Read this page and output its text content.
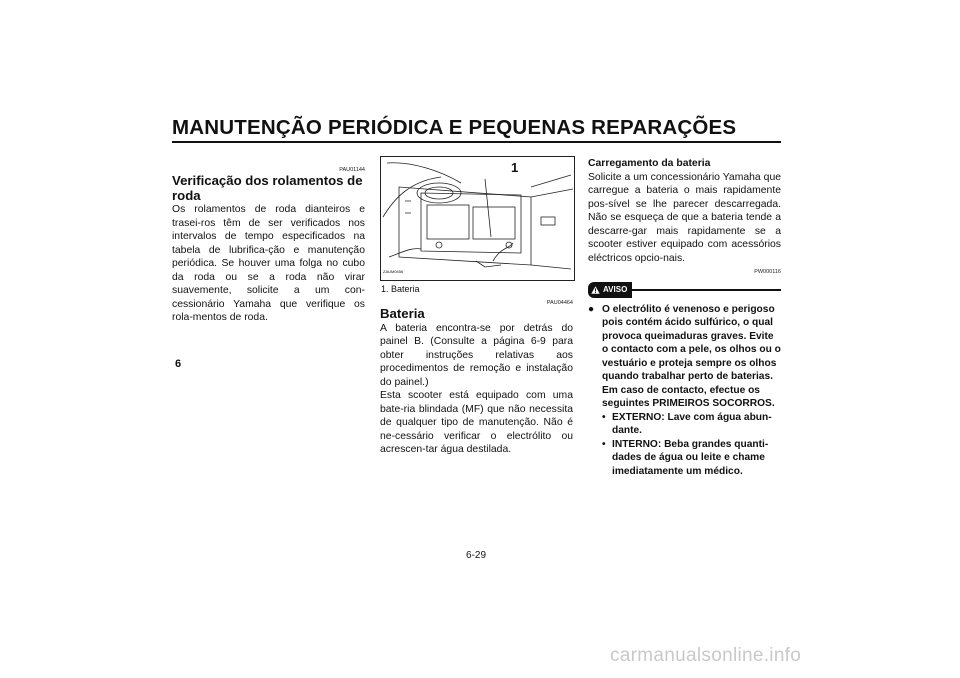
MANUTENÇÃO PERIÓDICA E PEQUENAS REPARAÇÕES
6
PAU01144
Verificação dos rolamentos de roda

Os rolamentos de roda dianteiros e trasei-ros têm de ser verificados nos intervalos de tempo especificados na tabela de lubrifica-ção e manutenção periódica. Se houver uma folga no cubo da roda ou se a roda não virar suavemente, solicite a um con-cessionário Yamaha que verifique os rola-mentos de roda.

1
ZAUM0456
1. Bateria
PAU04464
Bateria

A bateria encontra-se por detrás do painel B. (Consulte a página 6-9 para obter instruções relativas aos procedimentos de remoção e instalação do painel.)

Esta scooter está equipado com uma bate-ria blindada (MF) que não necessita de qualquer tipo de manutenção. Não é ne-cessário verificar o electrólito ou acrescen-tar água destilada.

Carregamento da bateria

Solicite a um concessionário Yamaha que carregue a bateria o mais rapidamente pos-sível se lhe parecer descarregada. Não se esqueça de que a bateria tende a descarre-gar mais rapidamente se a scooter estiver equipado com acessórios eléctricos opcio-nais.

PW000116
AVISO
● O electrólito é venenoso e perigoso pois contém ácido sulfúrico, o qual provoca queimaduras graves. Evite o contacto com a pele, os olhos ou o vestuário e proteja sempre os olhos quando trabalhar perto de baterias. Em caso de contacto, efectue os seguintes PRIMEIROS SOCORROS.
• EXTERNO: Lave com água abun-dante.
• INTERNO: Beba grandes quanti-dades de água ou leite e chame imediatamente um médico.
6-29
carmanualsonline.info
